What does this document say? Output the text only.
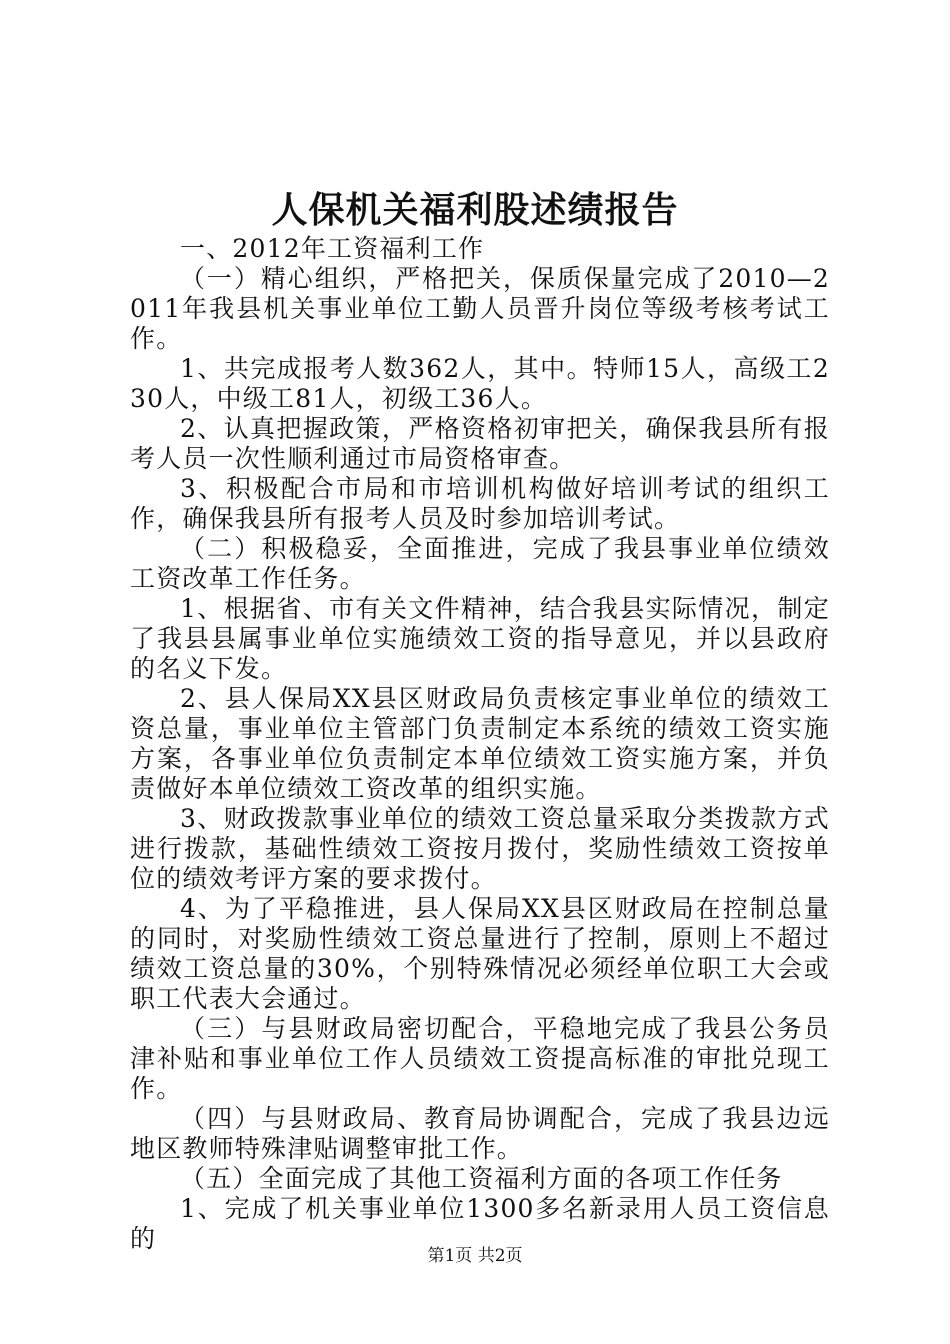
人保机关福利股述绩报告

一、2012年工资福利工作

（一）精心组织，严格把关，保质保量完成了2010—2011年我县机关事业单位工勤人员晋升岗位等级考核考试工作。

1、共完成报考人数362人，其中。特师15人，高级工230人，中级工81人，初级工36人。

2、认真把握政策，严格资格初审把关，确保我县所有报考人员一次性顺利通过市局资格审查。

3、积极配合市局和市培训机构做好培训考试的组织工作，确保我县所有报考人员及时参加培训考试。

（二）积极稳妥，全面推进，完成了我县事业单位绩效工资改革工作任务。

1、根据省、市有关文件精神，结合我县实际情况，制定了我县县属事业单位实施绩效工资的指导意见，并以县政府的名义下发。

2、县人保局XX县区财政局负责核定事业单位的绩效工资总量，事业单位主管部门负责制定本系统的绩效工资实施方案，各事业单位负责制定本单位绩效工资实施方案，并负责做好本单位绩效工资改革的组织实施。

3、财政拨款事业单位的绩效工资总量采取分类拨款方式进行拨款，基础性绩效工资按月拨付，奖励性绩效工资按单位的绩效考评方案的要求拨付。

4、为了平稳推进，县人保局XX县区财政局在控制总量的同时，对奖励性绩效工资总量进行了控制，原则上不超过绩效工资总量的30%，个别特殊情况必须经单位职工大会或职工代表大会通过。

（三）与县财政局密切配合，平稳地完成了我县公务员津补贴和事业单位工作人员绩效工资提高标准的审批兑现工作。

（四）与县财政局、教育局协调配合，完成了我县边远地区教师特殊津贴调整审批工作。

（五）全面完成了其他工资福利方面的各项工作任务

1、完成了机关事业单位1300多名新录用人员工资信息的

第1页 共2页
